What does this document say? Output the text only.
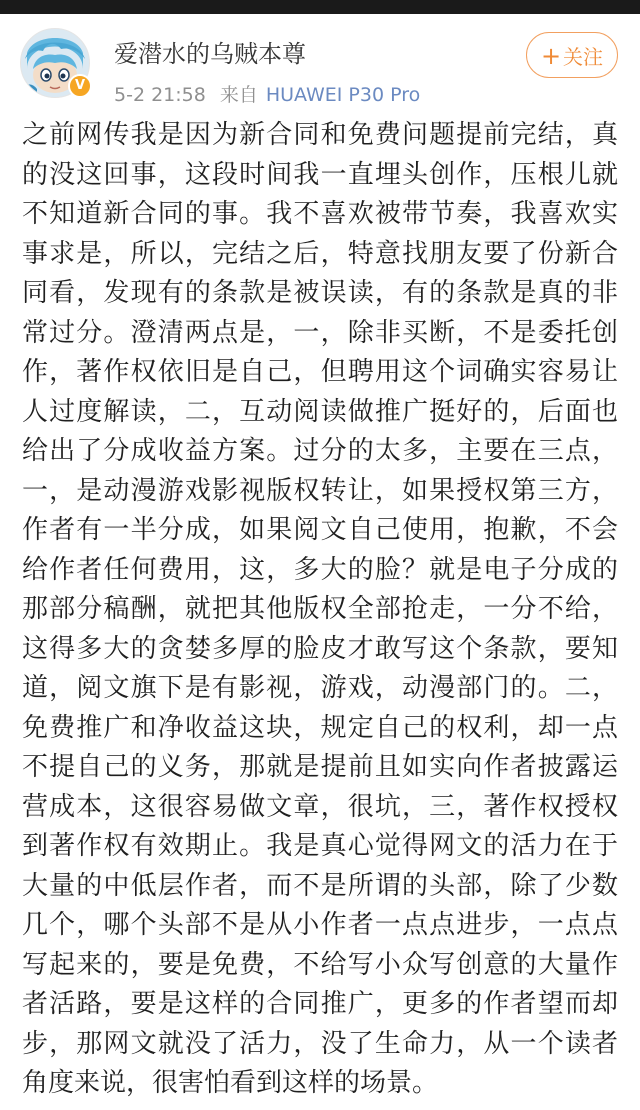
V
爱潜水的乌贼本尊
5-2 21:58 来自 HUAWEI P30 Pro
+ 关注
之前网传我是因为新合同和免费问题提前完结，真的没这回事，这段时间我一直埋头创作，压根儿就不知道新合同的事。我不喜欢被带节奏，我喜欢实事求是，所以，完结之后，特意找朋友要了份新合同看，发现有的条款是被误读，有的条款是真的非常过分。澄清两点是，一，除非买断，不是委托创作，著作权依旧是自己，但聘用这个词确实容易让人过度解读，二，互动阅读做推广挺好的，后面也给出了分成收益方案。过分的太多，主要在三点，一，是动漫游戏影视版权转让，如果授权第三方，作者有一半分成，如果阅文自己使用，抱歉，不会给作者任何费用，这，多大的脸？就是电子分成的那部分稿酬，就把其他版权全部抢走，一分不给，这得多大的贪婪多厚的脸皮才敢写这个条款，要知道，阅文旗下是有影视，游戏，动漫部门的。二，免费推广和净收益这块，规定自己的权利，却一点不提自己的义务，那就是提前且如实向作者披露运营成本，这很容易做文章，很坑，三，著作权授权到著作权有效期止。我是真心觉得网文的活力在于大量的中低层作者，而不是所谓的头部，除了少数几个，哪个头部不是从小作者一点点进步，一点点写起来的，要是免费，不给写小众写创意的大量作者活路，要是这样的合同推广，更多的作者望而却步，那网文就没了活力，没了生命力，从一个读者角度来说，很害怕看到这样的场景。
